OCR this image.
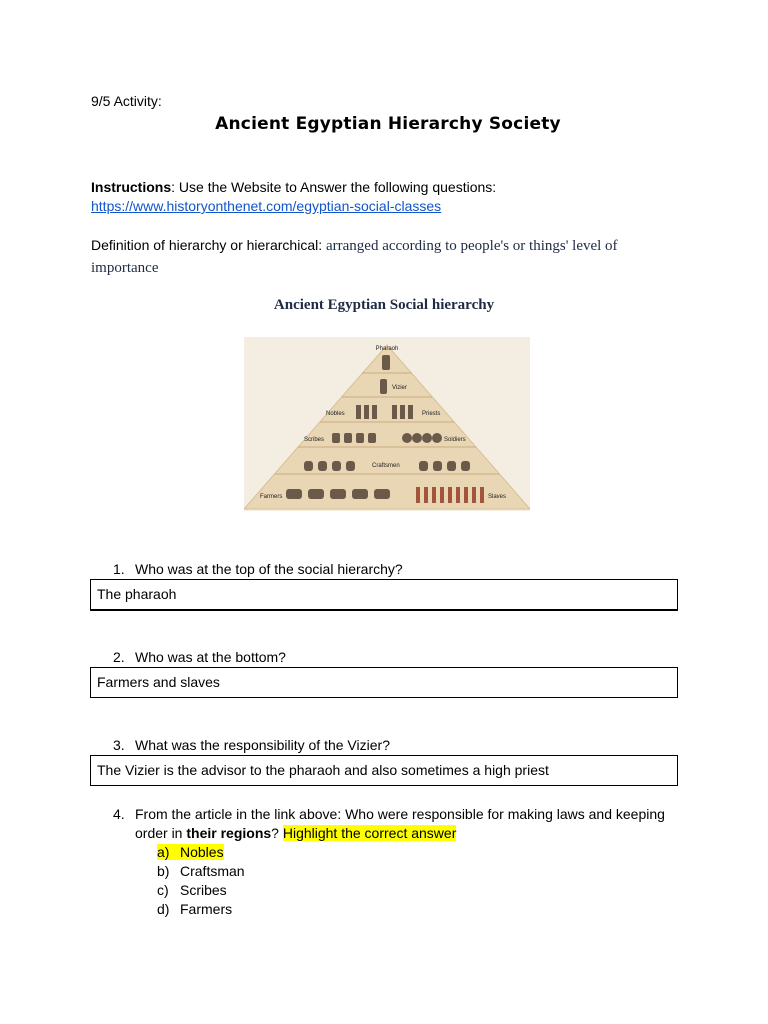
9/5 Activity:
Ancient Egyptian Hierarchy Society
Instructions: Use the Website to Answer the following questions:
https://www.historyonthenet.com/egyptian-social-classes
Definition of hierarchy or hierarchical: arranged according to people's or things' level of importance
Ancient Egyptian Social hierarchy
Pharaoh
Vizier
Nobles	Priests
Scribes	Soldiers
Craftsmen
Farmers	Slaves
1. Who was at the top of the social hierarchy?
The pharaoh
2. Who was at the bottom?
Farmers and slaves
3. What was the responsibility of the Vizier?
The Vizier is the advisor to the pharaoh and also sometimes a high priest
4. From the article in the link above: Who were responsible for making laws and keeping
order in their regions? Highlight the correct answer
a) Nobles
b) Craftsman
c) Scribes
d) Farmers
